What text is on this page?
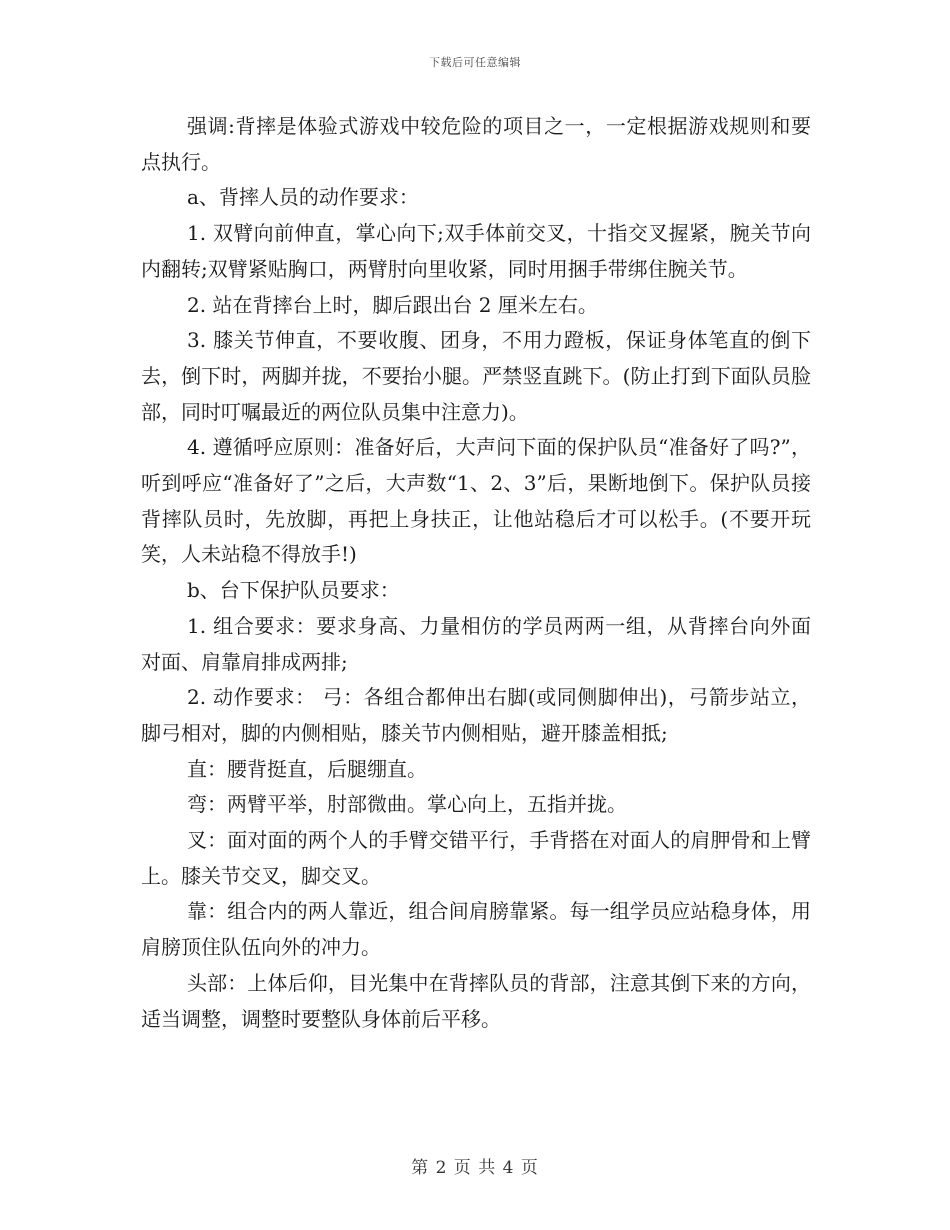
下载后可任意编辑

强调:背摔是体验式游戏中较危险的项目之一，一定根据游戏规则和要点执行。

a、背摔人员的动作要求：

1. 双臂向前伸直，掌心向下;双手体前交叉，十指交叉握紧，腕关节向内翻转;双臂紧贴胸口，两臂肘向里收紧，同时用捆手带绑住腕关节。

2. 站在背摔台上时，脚后跟出台 2 厘米左右。

3. 膝关节伸直，不要收腹、团身，不用力蹬板，保证身体笔直的倒下去，倒下时，两脚并拢，不要抬小腿。严禁竖直跳下。(防止打到下面队员脸部，同时叮嘱最近的两位队员集中注意力)。

4. 遵循呼应原则：准备好后，大声问下面的保护队员“准备好了吗?”，听到呼应“准备好了”之后，大声数“1、2、3”后，果断地倒下。保护队员接背摔队员时，先放脚，再把上身扶正，让他站稳后才可以松手。(不要开玩笑，人未站稳不得放手!)

b、台下保护队员要求：

1. 组合要求：要求身高、力量相仿的学员两两一组，从背摔台向外面对面、肩靠肩排成两排;

2. 动作要求： 弓：各组合都伸出右脚(或同侧脚伸出)，弓箭步站立，脚弓相对，脚的内侧相贴，膝关节内侧相贴，避开膝盖相抵;

直：腰背挺直，后腿绷直。

弯：两臂平举，肘部微曲。掌心向上，五指并拢。

叉：面对面的两个人的手臂交错平行，手背搭在对面人的肩胛骨和上臂上。膝关节交叉，脚交叉。

靠：组合内的两人靠近，组合间肩膀靠紧。每一组学员应站稳身体，用肩膀顶住队伍向外的冲力。

头部：上体后仰，目光集中在背摔队员的背部，注意其倒下来的方向，适当调整，调整时要整队身体前后平移。

第 2 页 共 4 页
